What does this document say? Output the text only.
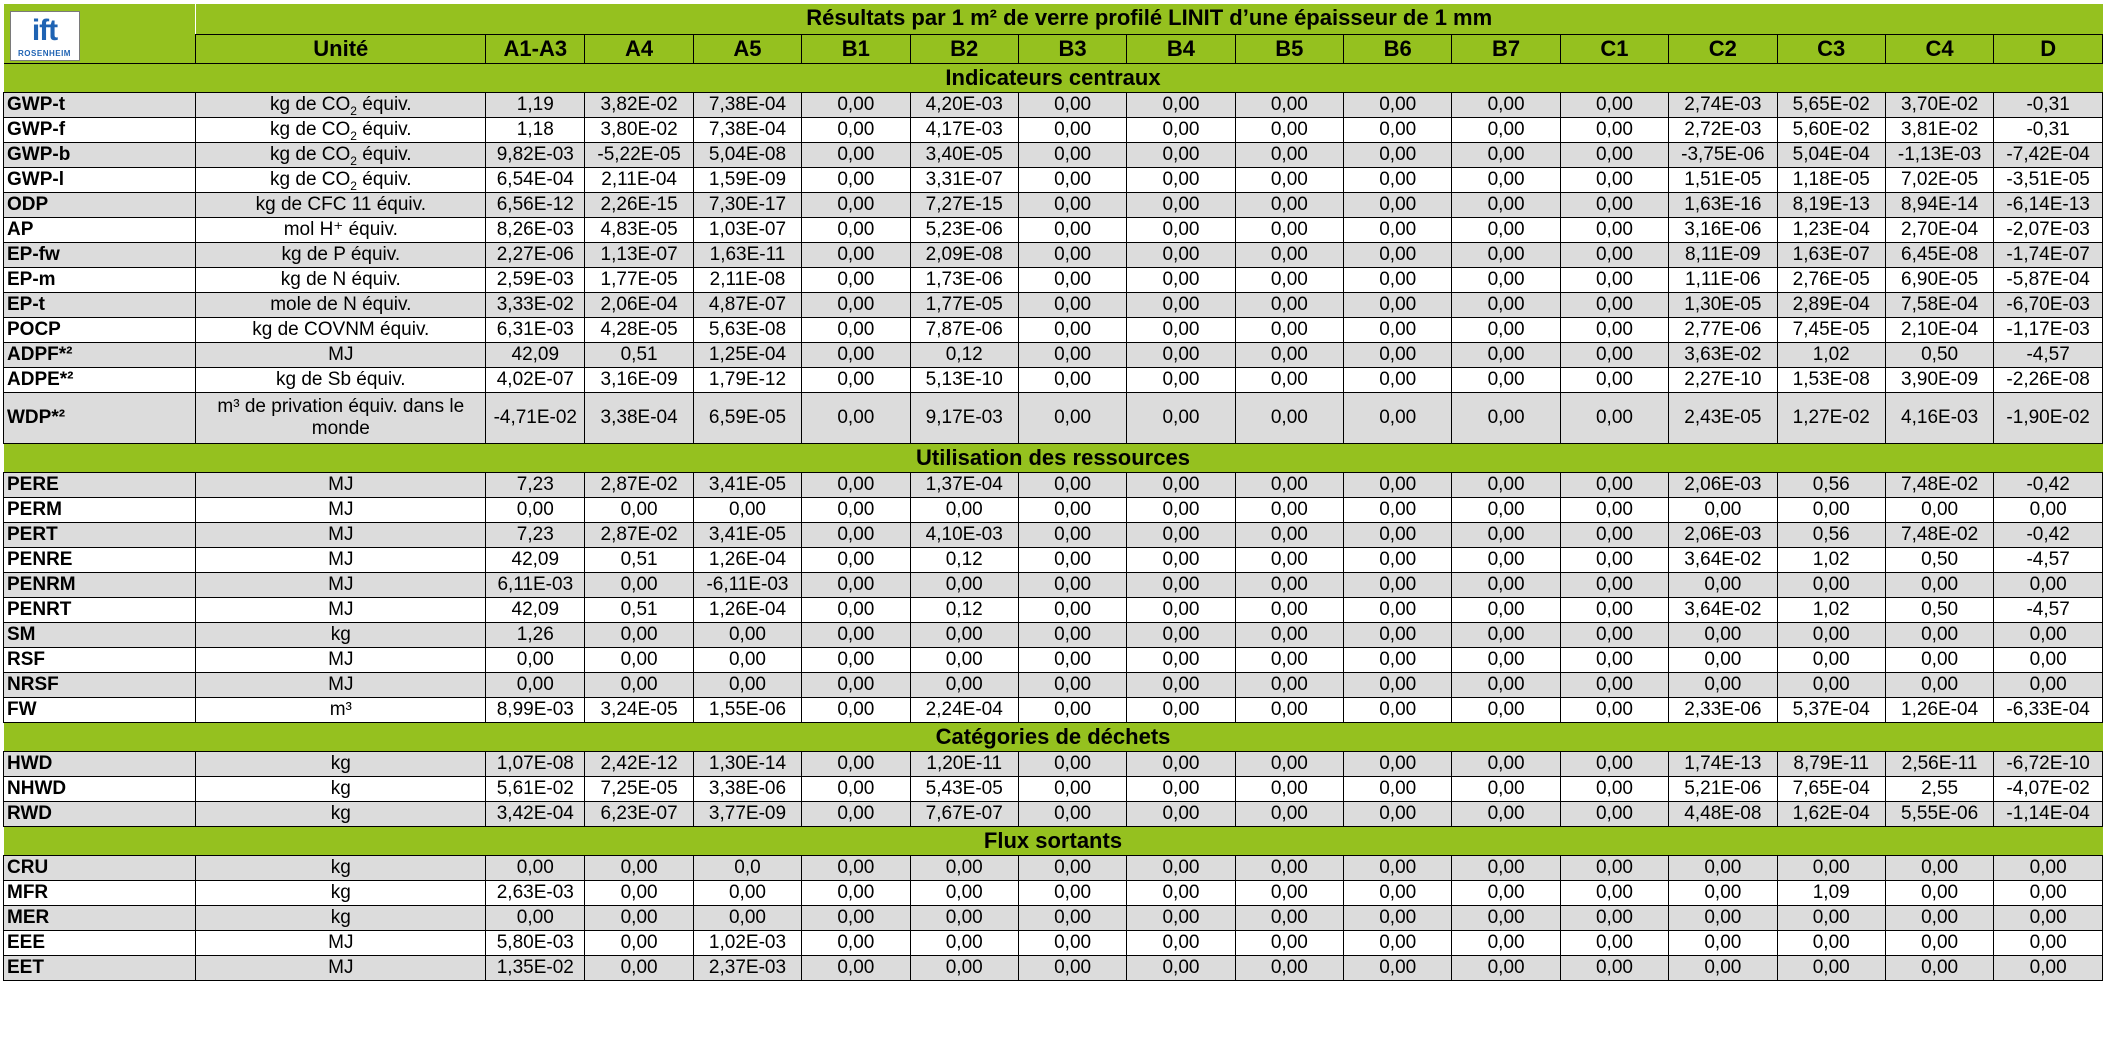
ift
ROSENHEIM	Résultats par 1 m² de verre profilé LINIT d’une épaisseur de 1 mm															
	Unité	A1-A3	A4	A5	B1	B2	B3	B4	B5	B6	B7	C1	C2	C3	C4	D
Indicateurs centraux																
GWP-t	kg de $CO_2$ équiv.	1,19	3,82E-02	7,38E-04	0,00	4,20E-03	0,00	0,00	0,00	0,00	0,00	0,00	2,74E-03	5,65E-02	3,70E-02	-0,31
GWP-f	kg de $CO_2$ équiv.	1,18	3,80E-02	7,38E-04	0,00	4,17E-03	0,00	0,00	0,00	0,00	0,00	0,00	2,72E-03	5,60E-02	3,81E-02	-0,31
GWP-b	kg de $CO_2$ équiv.	9,82E-03	-5,22E-05	5,04E-08	0,00	3,40E-05	0,00	0,00	0,00	0,00	0,00	0,00	-3,75E-06	5,04E-04	-1,13E-03	-7,42E-04
GWP-l	kg de $CO_2$ équiv.	6,54E-04	2,11E-04	1,59E-09	0,00	3,31E-07	0,00	0,00	0,00	0,00	0,00	0,00	1,51E-05	1,18E-05	7,02E-05	-3,51E-05
ODP	kg de CFC 11 équiv.	6,56E-12	2,26E-15	7,30E-17	0,00	7,27E-15	0,00	0,00	0,00	0,00	0,00	0,00	1,63E-16	8,19E-13	8,94E-14	-6,14E-13
AP	mol H⁺ équiv.	8,26E-03	4,83E-05	1,03E-07	0,00	5,23E-06	0,00	0,00	0,00	0,00	0,00	0,00	3,16E-06	1,23E-04	2,70E-04	-2,07E-03
EP-fw	kg de P équiv.	2,27E-06	1,13E-07	1,63E-11	0,00	2,09E-08	0,00	0,00	0,00	0,00	0,00	0,00	8,11E-09	1,63E-07	6,45E-08	-1,74E-07
EP-m	kg de N équiv.	2,59E-03	1,77E-05	2,11E-08	0,00	1,73E-06	0,00	0,00	0,00	0,00	0,00	0,00	1,11E-06	2,76E-05	6,90E-05	-5,87E-04
EP-t	mole de N équiv.	3,33E-02	2,06E-04	4,87E-07	0,00	1,77E-05	0,00	0,00	0,00	0,00	0,00	0,00	1,30E-05	2,89E-04	7,58E-04	-6,70E-03
POCP	kg de COVNM équiv.	6,31E-03	4,28E-05	5,63E-08	0,00	7,87E-06	0,00	0,00	0,00	0,00	0,00	0,00	2,77E-06	7,45E-05	2,10E-04	-1,17E-03
ADPF*²	MJ	42,09	0,51	1,25E-04	0,00	0,12	0,00	0,00	0,00	0,00	0,00	0,00	3,63E-02	1,02	0,50	-4,57
ADPE*²	kg de Sb équiv.	4,02E-07	3,16E-09	1,79E-12	0,00	5,13E-10	0,00	0,00	0,00	0,00	0,00	0,00	2,27E-10	1,53E-08	3,90E-09	-2,26E-08
WDP*²	m³ de privation équiv. dans le monde	-4,71E-02	3,38E-04	6,59E-05	0,00	9,17E-03	0,00	0,00	0,00	0,00	0,00	0,00	2,43E-05	1,27E-02	4,16E-03	-1,90E-02
Utilisation des ressources																
PERE	MJ	7,23	2,87E-02	3,41E-05	0,00	1,37E-04	0,00	0,00	0,00	0,00	0,00	0,00	2,06E-03	0,56	7,48E-02	-0,42
PERM	MJ	0,00	0,00	0,00	0,00	0,00	0,00	0,00	0,00	0,00	0,00	0,00	0,00	0,00	0,00	0,00
PERT	MJ	7,23	2,87E-02	3,41E-05	0,00	4,10E-03	0,00	0,00	0,00	0,00	0,00	0,00	2,06E-03	0,56	7,48E-02	-0,42
PENRE	MJ	42,09	0,51	1,26E-04	0,00	0,12	0,00	0,00	0,00	0,00	0,00	0,00	3,64E-02	1,02	0,50	-4,57
PENRM	MJ	6,11E-03	0,00	-6,11E-03	0,00	0,00	0,00	0,00	0,00	0,00	0,00	0,00	0,00	0,00	0,00	0,00
PENRT	MJ	42,09	0,51	1,26E-04	0,00	0,12	0,00	0,00	0,00	0,00	0,00	0,00	3,64E-02	1,02	0,50	-4,57
SM	kg	1,26	0,00	0,00	0,00	0,00	0,00	0,00	0,00	0,00	0,00	0,00	0,00	0,00	0,00	0,00
RSF	MJ	0,00	0,00	0,00	0,00	0,00	0,00	0,00	0,00	0,00	0,00	0,00	0,00	0,00	0,00	0,00
NRSF	MJ	0,00	0,00	0,00	0,00	0,00	0,00	0,00	0,00	0,00	0,00	0,00	0,00	0,00	0,00	0,00
FW	m³	8,99E-03	3,24E-05	1,55E-06	0,00	2,24E-04	0,00	0,00	0,00	0,00	0,00	0,00	2,33E-06	5,37E-04	1,26E-04	-6,33E-04
Catégories de déchets																
HWD	kg	1,07E-08	2,42E-12	1,30E-14	0,00	1,20E-11	0,00	0,00	0,00	0,00	0,00	0,00	1,74E-13	8,79E-11	2,56E-11	-6,72E-10
NHWD	kg	5,61E-02	7,25E-05	3,38E-06	0,00	5,43E-05	0,00	0,00	0,00	0,00	0,00	0,00	5,21E-06	7,65E-04	2,55	-4,07E-02
RWD	kg	3,42E-04	6,23E-07	3,77E-09	0,00	7,67E-07	0,00	0,00	0,00	0,00	0,00	0,00	4,48E-08	1,62E-04	5,55E-06	-1,14E-04
Flux sortants																
CRU	kg	0,00	0,00	0,0	0,00	0,00	0,00	0,00	0,00	0,00	0,00	0,00	0,00	0,00	0,00	0,00
MFR	kg	2,63E-03	0,00	0,00	0,00	0,00	0,00	0,00	0,00	0,00	0,00	0,00	0,00	1,09	0,00	0,00
MER	kg	0,00	0,00	0,00	0,00	0,00	0,00	0,00	0,00	0,00	0,00	0,00	0,00	0,00	0,00	0,00
EEE	MJ	5,80E-03	0,00	1,02E-03	0,00	0,00	0,00	0,00	0,00	0,00	0,00	0,00	0,00	0,00	0,00	0,00
EET	MJ	1,35E-02	0,00	2,37E-03	0,00	0,00	0,00	0,00	0,00	0,00	0,00	0,00	0,00	0,00	0,00	0,00
